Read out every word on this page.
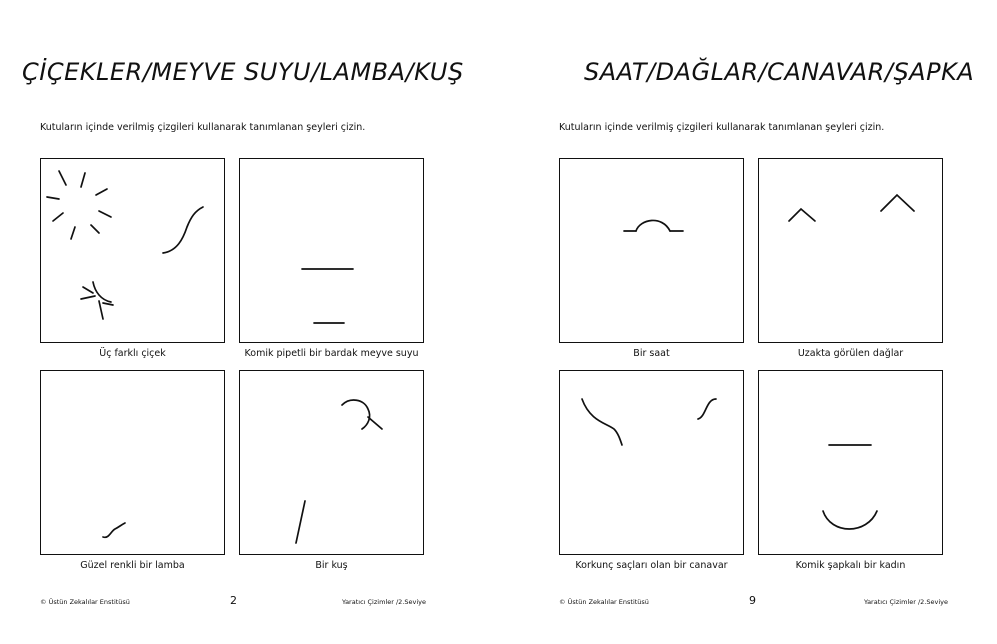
ÇİÇEKLER/MEYVE SUYU/LAMBA/KUŞ
Kutuların içinde verilmiş çizgileri kullanarak tanımlanan şeyleri çizin.
Üç farklı çiçek	Komik pipetli bir bardak meyve suyu
Güzel renkli bir lamba	Bir kuş
© Üstün Zekalılar Enstitüsü	2	Yaratıcı Çizimler /2.Seviye
SAAT/DAĞLAR/CANAVAR/ŞAPKA
Kutuların içinde verilmiş çizgileri kullanarak tanımlanan şeyleri çizin.
Bir saat	Uzakta görülen dağlar
Korkunç saçları olan bir canavar	Komik şapkalı bir kadın
© Üstün Zekalılar Enstitüsü	9	Yaratıcı Çizimler /2.Seviye
